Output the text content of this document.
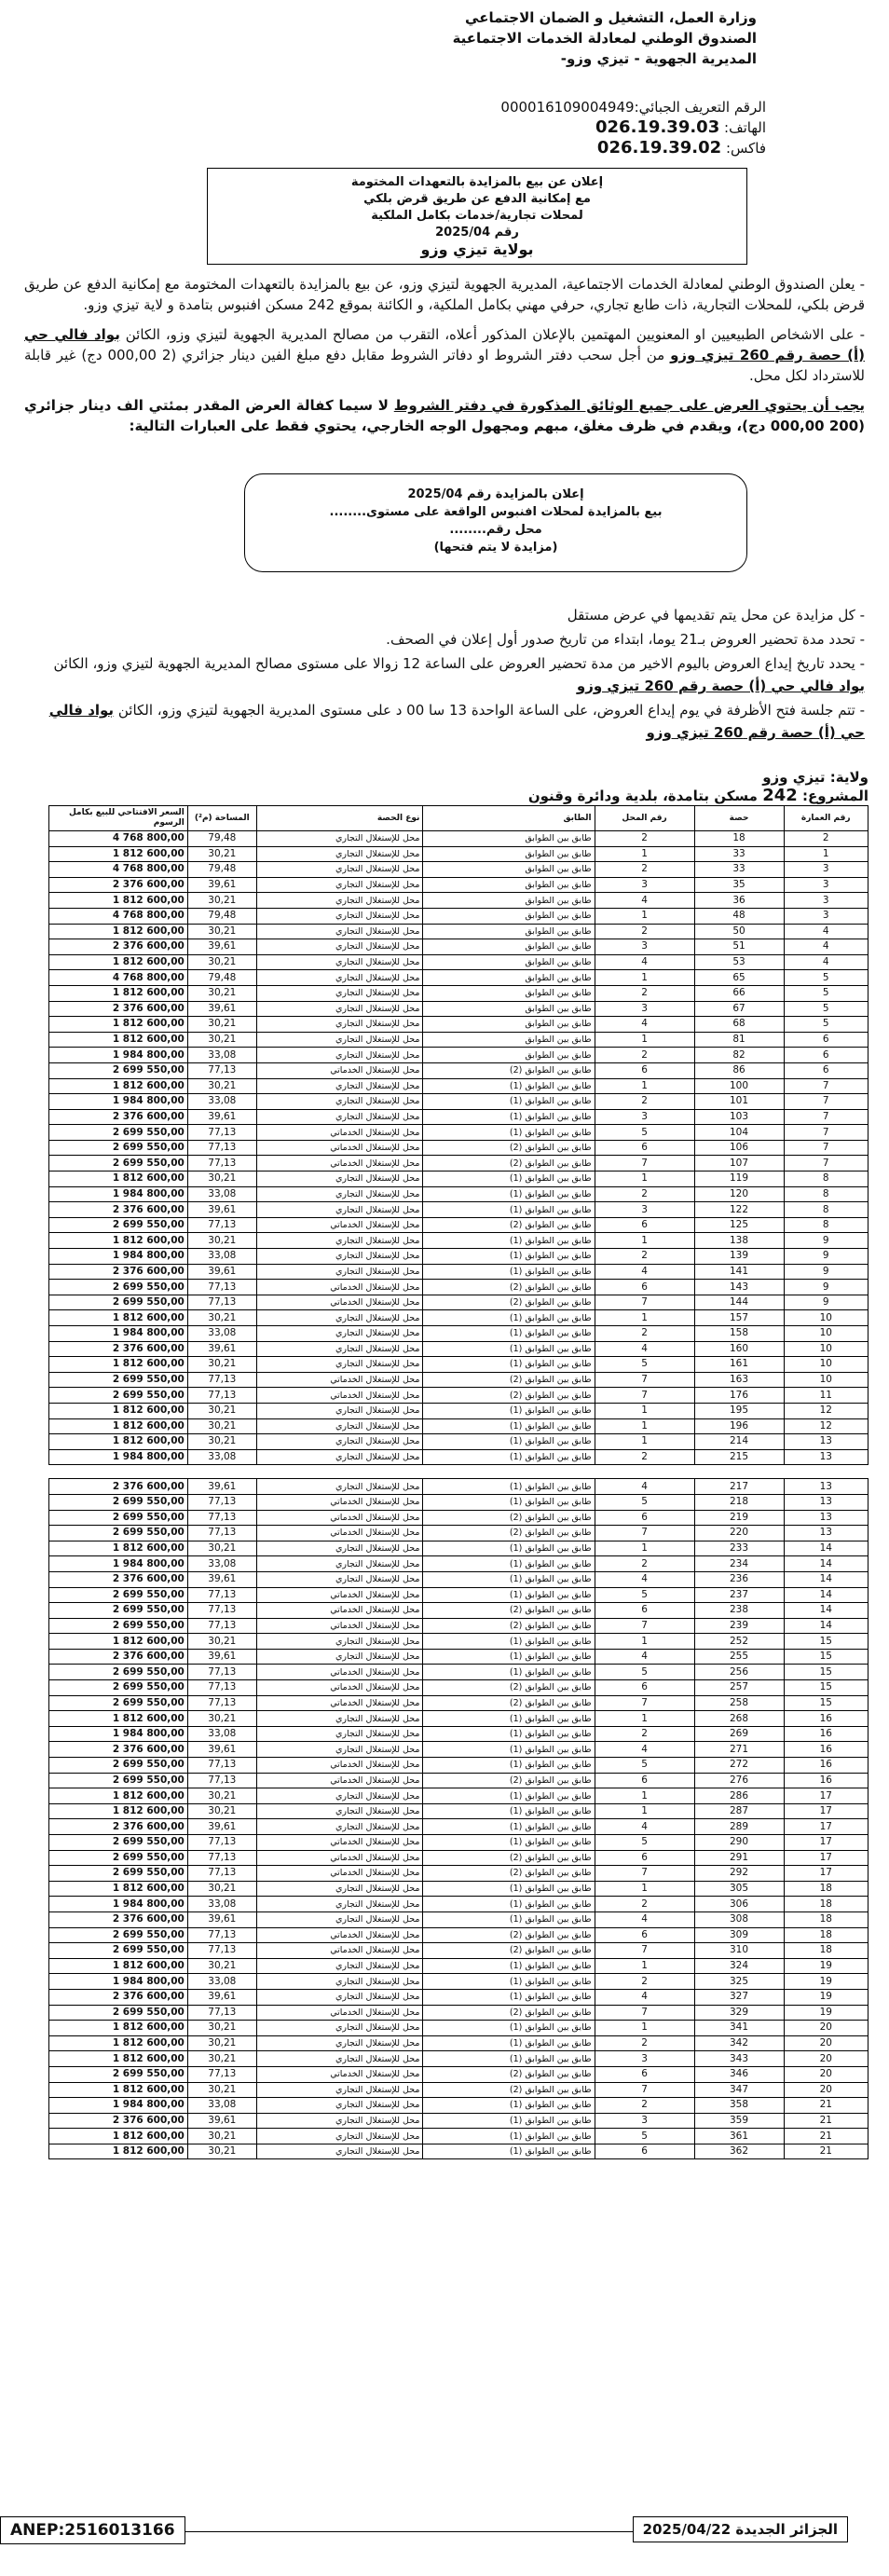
وزارة العمل، التشغيل و الضمان الاجتماعي
الصندوق الوطني لمعادلة الخدمات الاجتماعية
المديرية الجهوية - تيزي وزو-
الرقم التعريف الجبائي:000016109004949
الهاتف: 026.19.39.03
فاكس: 026.19.39.02
إعلان عن بيع بالمزايدة بالتعهدات المختومة
مع إمكانية الدفع عن طريق قرض بلكي
لمحلات تجارية/خدمات بكامل الملكية
رقم 2025/04
بولاية تيزي وزو
- يعلن الصندوق الوطني لمعادلة الخدمات الاجتماعية، المديرية الجهوية لتيزي وزو، عن بيع بالمزايدة بالتعهدات المختومة مع إمكانية الدفع عن طريق قرض بلكي، للمحلات التجارية، ذات طابع تجاري، حرفي مهني بكامل الملكية، و الكائنة بموقع 242 مسكن افنبوس بتامدة و لاية تيزي وزو.
- على الاشخاص الطبيعيين او المعنويين المهتمين بالإعلان المذكور أعلاه، التقرب من مصالح المديرية الجهوية لتيزي وزو، الكائن بواد فالي حي (أ) حصة رقم 260 تيزي وزو من أجل سحب دفتر الشروط او دفاتر الشروط مقابل دفع مبلغ الفين دينار جزائري (2 000,00 دج) غير قابلة للاسترداد لكل محل.
يجب أن يحتوي العرض على جميع الوثائق المذكورة في دفتر الشروط لا سيما كفالة العرض المقدر بمئتي الف دينار جزائري (200 000,00 دج)، ويقدم في ظرف مغلق، مبهم ومجهول الوجه الخارجي، يحتوي فقط على العبارات التالية:
إعلان بالمزايدة رقم 2025/04
بيع بالمزايدة لمحلات افنبوس الواقعة على مستوى........
محل رقم........
(مزايدة لا يتم فتحها)
- كل مزايدة عن محل يتم تقديمها في عرض مستقل
- تحدد مدة تحضير العروض بـ21 يوما، ابتداء من تاريخ صدور أول إعلان في الصحف.
- يحدد تاريخ إيداع العروض باليوم الاخير من مدة تحضير العروض على الساعة 12 زوالا على مستوى مصالح المديرية الجهوية لتيزي وزو، الكائن بواد فالي حي (أ) حصة رقم 260 تيزي وزو
- تتم جلسة فتح الأظرفة في يوم إيداع العروض، على الساعة الواحدة 13 سا 00 د على مستوى المديرية الجهوية لتيزي وزو، الكائن بواد فالي حي (أ) حصة رقم 260 تيزي وزو
ولاية: تيزي وزو
المشروع: 242 مسكن بتامدة، بلدية ودائرة وقنون
السعر الافتتاحي للبيع بكامل الرسوم	المساحة (م²)	نوع الحصة	الطابق	رقم المحل	حصة	رقم العمارة
4 768 800,00	79,48	محل للإستغلال التجاري	طابق بين الطوابق	2	18	2
1 812 600,00	30,21	محل للإستغلال التجاري	طابق بين الطوابق	1	33	1
4 768 800,00	79,48	محل للإستغلال التجاري	طابق بين الطوابق	2	33	3
2 376 600,00	39,61	محل للإستغلال التجاري	طابق بين الطوابق	3	35	3
1 812 600,00	30,21	محل للإستغلال التجاري	طابق بين الطوابق	4	36	3
4 768 800,00	79,48	محل للإستغلال التجاري	طابق بين الطوابق	1	48	3
1 812 600,00	30,21	محل للإستغلال التجاري	طابق بين الطوابق	2	50	4
2 376 600,00	39,61	محل للإستغلال التجاري	طابق بين الطوابق	3	51	4
1 812 600,00	30,21	محل للإستغلال التجاري	طابق بين الطوابق	4	53	4
4 768 800,00	79,48	محل للإستغلال التجاري	طابق بين الطوابق	1	65	5
1 812 600,00	30,21	محل للإستغلال التجاري	طابق بين الطوابق	2	66	5
2 376 600,00	39,61	محل للإستغلال التجاري	طابق بين الطوابق	3	67	5
1 812 600,00	30,21	محل للإستغلال التجاري	طابق بين الطوابق	4	68	5
1 812 600,00	30,21	محل للإستغلال التجاري	طابق بين الطوابق	1	81	6
1 984 800,00	33,08	محل للإستغلال التجاري	طابق بين الطوابق	2	82	6
2 699 550,00	77,13	محل للإستغلال الخدماتي	طابق بين الطوابق (2)	6	86	6
1 812 600,00	30,21	محل للإستغلال التجاري	طابق بين الطوابق (1)	1	100	7
1 984 800,00	33,08	محل للإستغلال التجاري	طابق بين الطوابق (1)	2	101	7
2 376 600,00	39,61	محل للإستغلال التجاري	طابق بين الطوابق (1)	3	103	7
2 699 550,00	77,13	محل للإستغلال الخدماتي	طابق بين الطوابق (1)	5	104	7
2 699 550,00	77,13	محل للإستغلال الخدماتي	طابق بين الطوابق (2)	6	106	7
2 699 550,00	77,13	محل للإستغلال الخدماتي	طابق بين الطوابق (2)	7	107	7
1 812 600,00	30,21	محل للإستغلال التجاري	طابق بين الطوابق (1)	1	119	8
1 984 800,00	33,08	محل للإستغلال التجاري	طابق بين الطوابق (1)	2	120	8
2 376 600,00	39,61	محل للإستغلال التجاري	طابق بين الطوابق (1)	3	122	8
2 699 550,00	77,13	محل للإستغلال الخدماتي	طابق بين الطوابق (2)	6	125	8
1 812 600,00	30,21	محل للإستغلال التجاري	طابق بين الطوابق (1)	1	138	9
1 984 800,00	33,08	محل للإستغلال التجاري	طابق بين الطوابق (1)	2	139	9
2 376 600,00	39,61	محل للإستغلال التجاري	طابق بين الطوابق (1)	4	141	9
2 699 550,00	77,13	محل للإستغلال الخدماتي	طابق بين الطوابق (2)	6	143	9
2 699 550,00	77,13	محل للإستغلال الخدماتي	طابق بين الطوابق (2)	7	144	9
1 812 600,00	30,21	محل للإستغلال التجاري	طابق بين الطوابق (1)	1	157	10
1 984 800,00	33,08	محل للإستغلال التجاري	طابق بين الطوابق (1)	2	158	10
2 376 600,00	39,61	محل للإستغلال التجاري	طابق بين الطوابق (1)	4	160	10
1 812 600,00	30,21	محل للإستغلال التجاري	طابق بين الطوابق (1)	5	161	10
2 699 550,00	77,13	محل للإستغلال الخدماتي	طابق بين الطوابق (2)	7	163	10
2 699 550,00	77,13	محل للإستغلال الخدماتي	طابق بين الطوابق (2)	7	176	11
1 812 600,00	30,21	محل للإستغلال التجاري	طابق بين الطوابق (1)	1	195	12
1 812 600,00	30,21	محل للإستغلال التجاري	طابق بين الطوابق (1)	1	196	12
1 812 600,00	30,21	محل للإستغلال التجاري	طابق بين الطوابق (1)	1	214	13
1 984 800,00	33,08	محل للإستغلال التجاري	طابق بين الطوابق (1)	2	215	13
2 376 600,00	39,61	محل للإستغلال التجاري	طابق بين الطوابق (1)	4	217	13
2 699 550,00	77,13	محل للإستغلال الخدماتي	طابق بين الطوابق (1)	5	218	13
2 699 550,00	77,13	محل للإستغلال الخدماتي	طابق بين الطوابق (2)	6	219	13
2 699 550,00	77,13	محل للإستغلال الخدماتي	طابق بين الطوابق (2)	7	220	13
1 812 600,00	30,21	محل للإستغلال التجاري	طابق بين الطوابق (1)	1	233	14
1 984 800,00	33,08	محل للإستغلال التجاري	طابق بين الطوابق (1)	2	234	14
2 376 600,00	39,61	محل للإستغلال التجاري	طابق بين الطوابق (1)	4	236	14
2 699 550,00	77,13	محل للإستغلال الخدماتي	طابق بين الطوابق (1)	5	237	14
2 699 550,00	77,13	محل للإستغلال الخدماتي	طابق بين الطوابق (2)	6	238	14
2 699 550,00	77,13	محل للإستغلال الخدماتي	طابق بين الطوابق (2)	7	239	14
1 812 600,00	30,21	محل للإستغلال التجاري	طابق بين الطوابق (1)	1	252	15
2 376 600,00	39,61	محل للإستغلال التجاري	طابق بين الطوابق (1)	4	255	15
2 699 550,00	77,13	محل للإستغلال الخدماتي	طابق بين الطوابق (1)	5	256	15
2 699 550,00	77,13	محل للإستغلال الخدماتي	طابق بين الطوابق (2)	6	257	15
2 699 550,00	77,13	محل للإستغلال الخدماتي	طابق بين الطوابق (2)	7	258	15
1 812 600,00	30,21	محل للإستغلال التجاري	طابق بين الطوابق (1)	1	268	16
1 984 800,00	33,08	محل للإستغلال التجاري	طابق بين الطوابق (1)	2	269	16
2 376 600,00	39,61	محل للإستغلال التجاري	طابق بين الطوابق (1)	4	271	16
2 699 550,00	77,13	محل للإستغلال الخدماتي	طابق بين الطوابق (1)	5	272	16
2 699 550,00	77,13	محل للإستغلال الخدماتي	طابق بين الطوابق (2)	6	276	16
1 812 600,00	30,21	محل للإستغلال التجاري	طابق بين الطوابق (1)	1	286	17
1 812 600,00	30,21	محل للإستغلال التجاري	طابق بين الطوابق (1)	1	287	17
2 376 600,00	39,61	محل للإستغلال التجاري	طابق بين الطوابق (1)	4	289	17
2 699 550,00	77,13	محل للإستغلال الخدماتي	طابق بين الطوابق (1)	5	290	17
2 699 550,00	77,13	محل للإستغلال الخدماتي	طابق بين الطوابق (2)	6	291	17
2 699 550,00	77,13	محل للإستغلال الخدماتي	طابق بين الطوابق (2)	7	292	17
1 812 600,00	30,21	محل للإستغلال التجاري	طابق بين الطوابق (1)	1	305	18
1 984 800,00	33,08	محل للإستغلال التجاري	طابق بين الطوابق (1)	2	306	18
2 376 600,00	39,61	محل للإستغلال التجاري	طابق بين الطوابق (1)	4	308	18
2 699 550,00	77,13	محل للإستغلال الخدماتي	طابق بين الطوابق (2)	6	309	18
2 699 550,00	77,13	محل للإستغلال الخدماتي	طابق بين الطوابق (2)	7	310	18
1 812 600,00	30,21	محل للإستغلال التجاري	طابق بين الطوابق (1)	1	324	19
1 984 800,00	33,08	محل للإستغلال التجاري	طابق بين الطوابق (1)	2	325	19
2 376 600,00	39,61	محل للإستغلال التجاري	طابق بين الطوابق (1)	4	327	19
2 699 550,00	77,13	محل للإستغلال الخدماتي	طابق بين الطوابق (2)	7	329	19
1 812 600,00	30,21	محل للإستغلال التجاري	طابق بين الطوابق (1)	1	341	20
1 812 600,00	30,21	محل للإستغلال التجاري	طابق بين الطوابق (1)	2	342	20
1 812 600,00	30,21	محل للإستغلال التجاري	طابق بين الطوابق (1)	3	343	20
2 699 550,00	77,13	محل للإستغلال الخدماتي	طابق بين الطوابق (2)	6	346	20
1 812 600,00	30,21	محل للإستغلال التجاري	طابق بين الطوابق (2)	7	347	20
1 984 800,00	33,08	محل للإستغلال التجاري	طابق بين الطوابق (1)	2	358	21
2 376 600,00	39,61	محل للإستغلال التجاري	طابق بين الطوابق (1)	3	359	21
1 812 600,00	30,21	محل للإستغلال التجاري	طابق بين الطوابق (1)	5	361	21
1 812 600,00	30,21	محل للإستغلال التجاري	طابق بين الطوابق (1)	6	362	21
ANEP:2516013166	الجزائر الجديدة 2025/04/22
